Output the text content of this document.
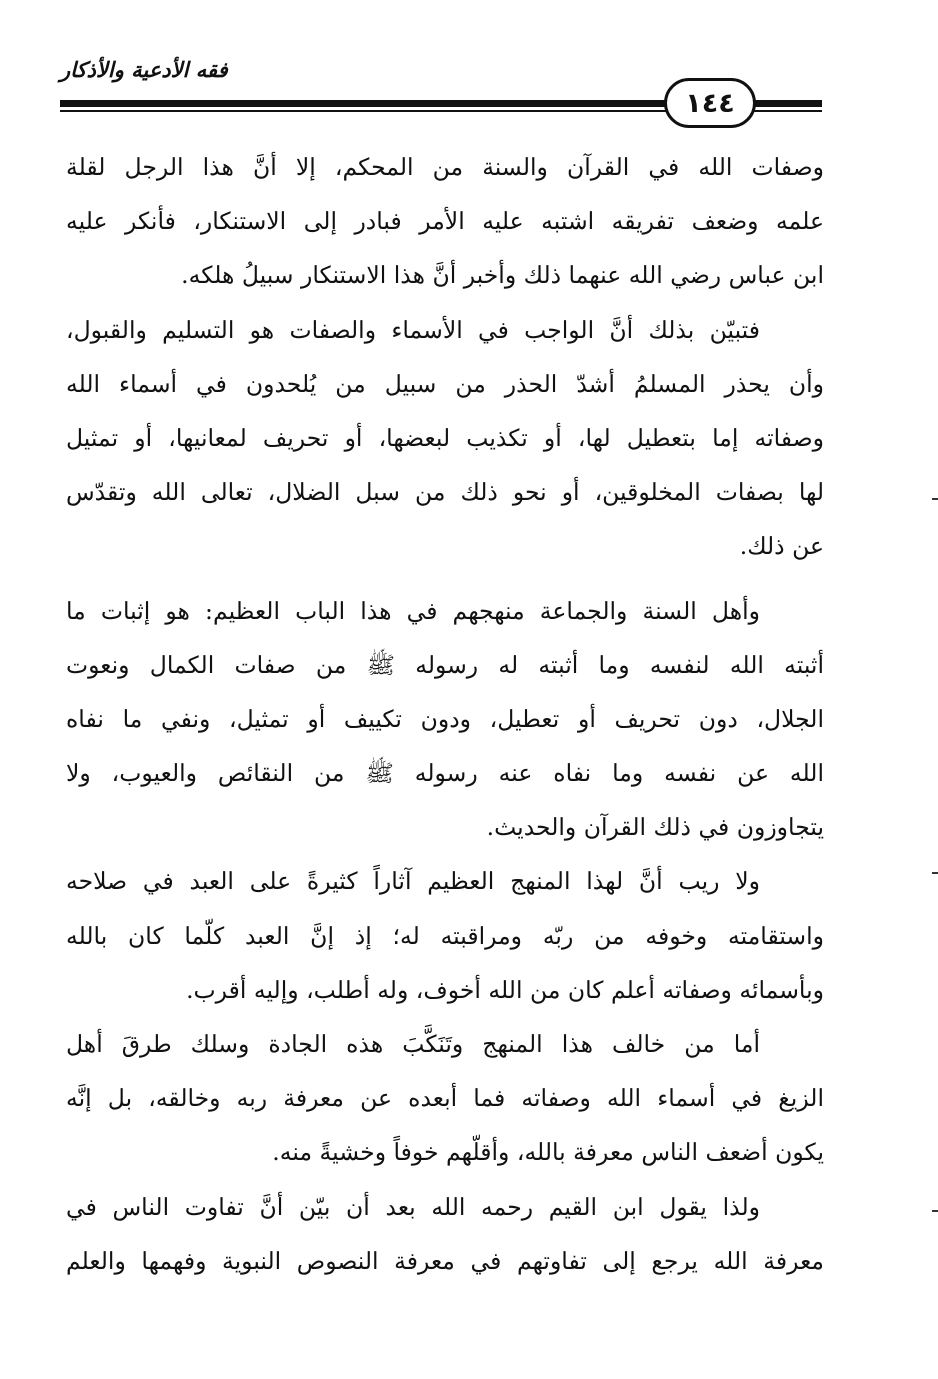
فقه الأدعية والأذكار
١٤٤
وصفات الله في القرآن والسنة من المحكم، إلا أنَّ هذا الرجل لقلة
علمه وضعف تفريقه اشتبه عليه الأمر فبادر إلى الاستنكار، فأنكر عليه
ابن عباس رضي الله عنهما ذلك وأخبر أنَّ هذا الاستنكار سبيلُ هلكه.
فتبيّن بذلك أنَّ الواجب في الأسماء والصفات هو التسليم والقبول،
وأن يحذر المسلمُ أشدّ الحذر من سبيل من يُلحدون في أسماء الله
وصفاته إما بتعطيل لها، أو تكذيب لبعضها، أو تحريف لمعانيها، أو تمثيل
لها بصفات المخلوقين، أو نحو ذلك من سبل الضلال، تعالى الله وتقدّس
عن ذلك.
وأهل السنة والجماعة منهجهم في هذا الباب العظيم: هو إثبات ما
أثبته الله لنفسه وما أثبته له رسوله ﷺ من صفات الكمال ونعوت
الجلال، دون تحريف أو تعطيل، ودون تكييف أو تمثيل، ونفي ما نفاه
الله عن نفسه وما نفاه عنه رسوله ﷺ من النقائص والعيوب، ولا
يتجاوزون في ذلك القرآن والحديث.
ولا ريب أنَّ لهذا المنهج العظيم آثاراً كثيرةً على العبد في صلاحه
واستقامته وخوفه من ربّه ومراقبته له؛ إذ إنَّ العبد كلّما كان بالله
وبأسمائه وصفاته أعلم كان من الله أخوف، وله أطلب، وإليه أقرب.
أما من خالف هذا المنهج وتَنَكَّبَ هذه الجادة وسلك طرقَ أهل
الزيغ في أسماء الله وصفاته فما أبعده عن معرفة ربه وخالقه، بل إنَّه
يكون أضعف الناس معرفة بالله، وأقلّهم خوفاً وخشيةً منه.
ولذا يقول ابن القيم رحمه الله بعد أن بيّن أنَّ تفاوت الناس في
معرفة الله يرجع إلى تفاوتهم في معرفة النصوص النبوية وفهمها والعلم
